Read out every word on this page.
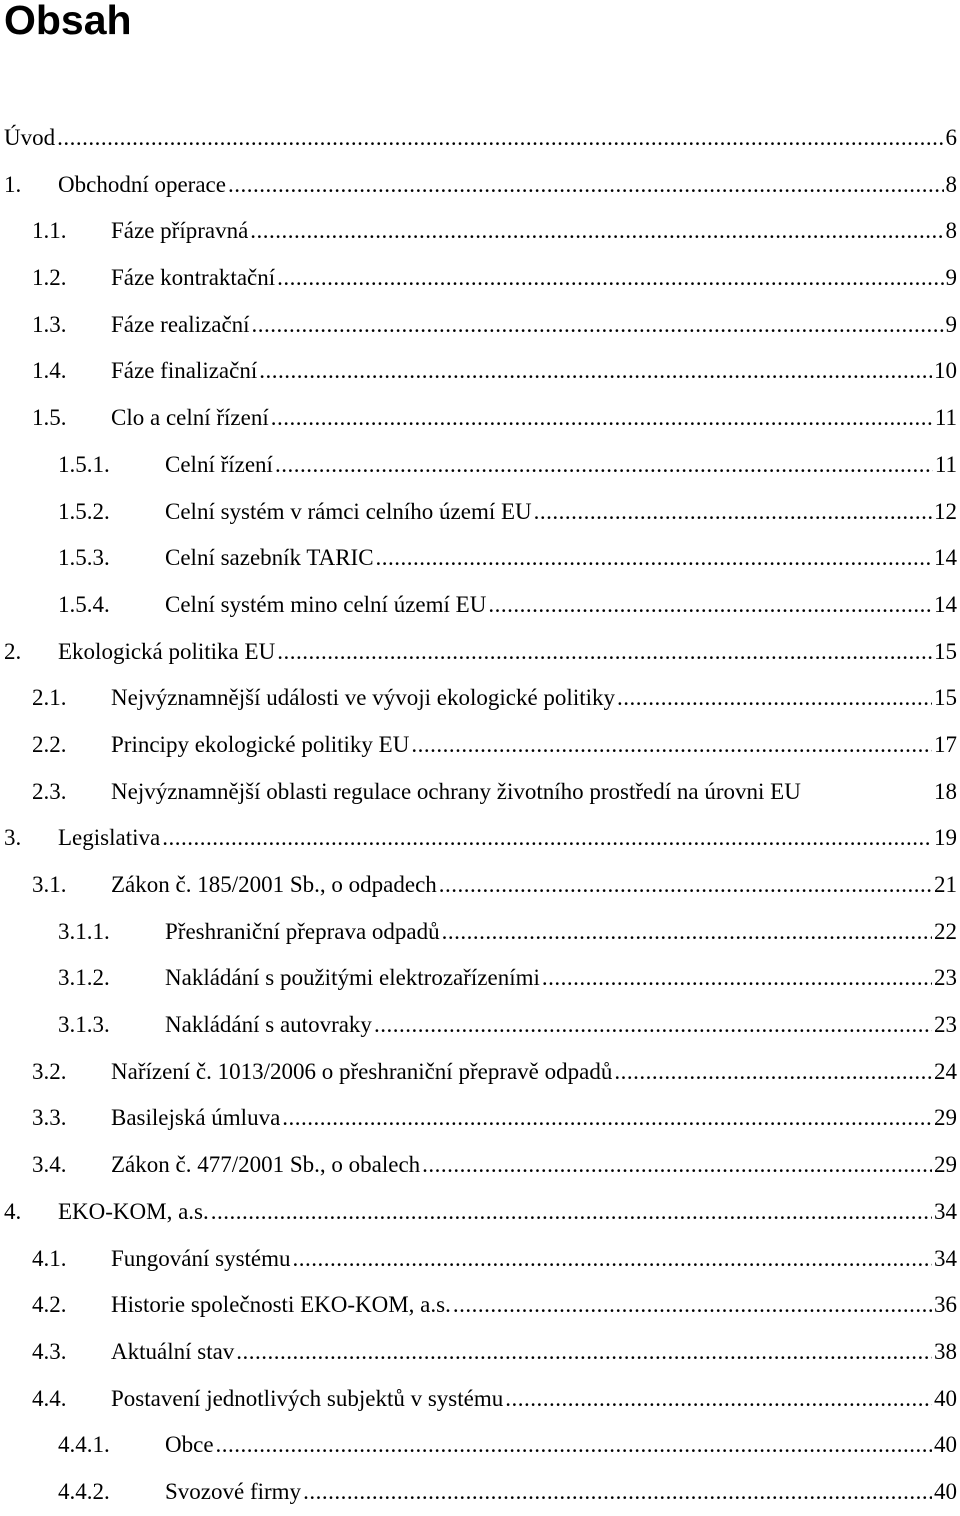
Obsah
Úvod .....	6
1. Obchodní operace .....	8
1.1. Fáze přípravná .....	8
1.2. Fáze kontraktační .....	9
1.3. Fáze realizační .....	9
1.4. Fáze finalizační .....	10
1.5. Clo a celní řízení .....	11
1.5.1. Celní řízení .....	11
1.5.2. Celní systém v rámci celního území EU .....	12
1.5.3. Celní sazebník TARIC .....	14
1.5.4. Celní systém mino celní území EU .....	14
2. Ekologická politika EU .....	15
2.1. Nejvýznamnější události ve vývoji ekologické politiky .....	15
2.2. Principy ekologické politiky EU .....	17
2.3. Nejvýznamnější oblasti regulace ochrany životního prostředí na úrovni EU	18
3. Legislativa .....	19
3.1. Zákon č. 185/2001 Sb., o odpadech .....	21
3.1.1. Přeshraniční přeprava odpadů .....	22
3.1.2. Nakládání s použitými elektrozařízeními .....	23
3.1.3. Nakládání s autovraky .....	23
3.2. Nařízení č. 1013/2006 o přeshraniční přepravě odpadů .....	24
3.3. Basilejská úmluva .....	29
3.4. Zákon č. 477/2001 Sb., o obalech .....	29
4. EKO-KOM, a.s. .....	34
4.1. Fungování systému .....	34
4.2. Historie společnosti EKO-KOM, a.s. .....	36
4.3. Aktuální stav .....	38
4.4. Postavení jednotlivých subjektů v systému .....	40
4.4.1. Obce .....	40
4.4.2. Svozové firmy .....	40
